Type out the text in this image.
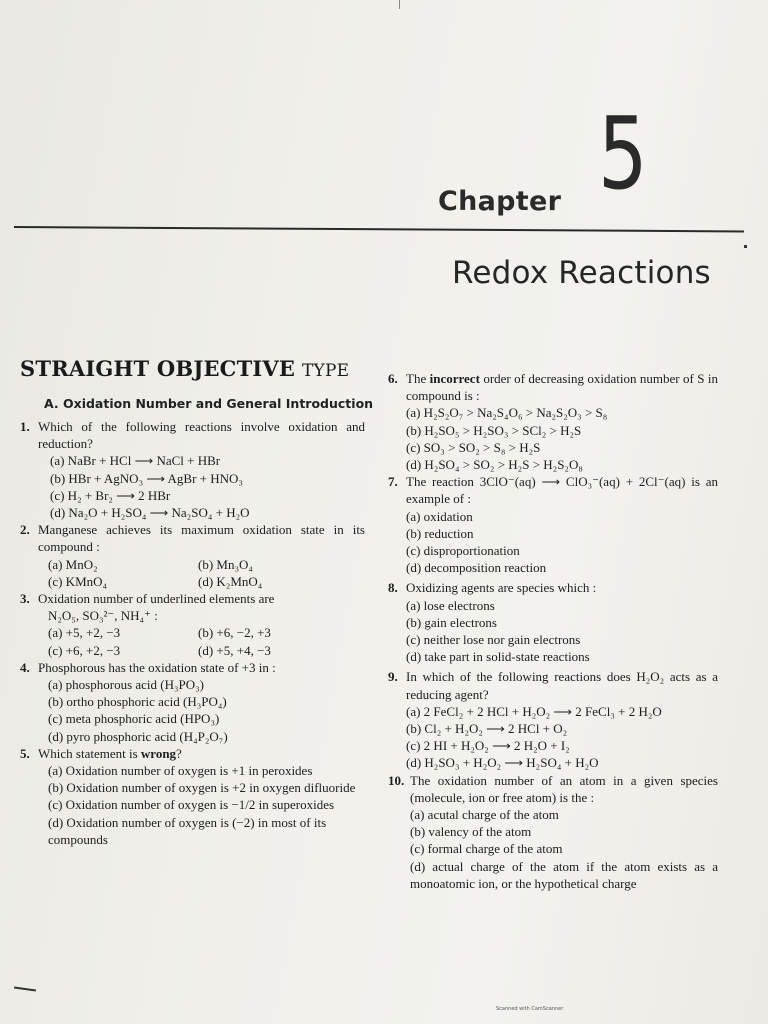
Chapter 5
Redox Reactions
STRAIGHT OBJECTIVE TYPE
A. Oxidation Number and General Introduction
1. Which of the following reactions involve oxidation and reduction?
(a) NaBr + HCl ⟶ NaCl + HBr
(b) HBr + AgNO₃ ⟶ AgBr + HNO₃
(c) H₂ + Br₂ ⟶ 2 HBr
(d) Na₂O + H₂SO₄ ⟶ Na₂SO₄ + H₂O
2. Manganese achieves its maximum oxidation state in its compound :
(a) MnO₂	(b) Mn₃O₄
(c) KMnO₄	(d) K₂MnO₄
3. Oxidation number of underlined elements are
N₂O₅, SO₃²⁻, NH₄⁺ :
(a) +5, +2, −3	(b) +6, −2, +3
(c) +6, +2, −3	(d) +5, +4, −3
4. Phosphorous has the oxidation state of +3 in :
(a) phosphorous acid (H₃PO₃)
(b) ortho phosphoric acid (H₃PO₄)
(c) meta phosphoric acid (HPO₃)
(d) pyro phosphoric acid (H₄P₂O₇)
5. Which statement is wrong?
(a) Oxidation number of oxygen is +1 in peroxides
(b) Oxidation number of oxygen is +2 in oxygen difluoride
(c) Oxidation number of oxygen is −1/2 in superoxides
(d) Oxidation number of oxygen is (−2) in most of its compounds
6. The incorrect order of decreasing oxidation number of S in compound is :
(a) H₂S₂O₇ > Na₂S₄O₆ > Na₂S₂O₃ > S₈
(b) H₂SO₅ > H₂SO₃ > SCl₂ > H₂S
(c) SO₃ > SO₂ > S₈ > H₂S
(d) H₂SO₄ > SO₂ > H₂S > H₂S₂O₈
7. The reaction 3ClO⁻(aq) ⟶ ClO₃⁻(aq) + 2Cl⁻(aq) is an example of :
(a) oxidation
(b) reduction
(c) disproportionation
(d) decomposition reaction
8. Oxidizing agents are species which :
(a) lose electrons
(b) gain electrons
(c) neither lose nor gain electrons
(d) take part in solid-state reactions
9. In which of the following reactions does H₂O₂ acts as a reducing agent?
(a) 2 FeCl₂ + 2 HCl + H₂O₂ ⟶ 2 FeCl₃ + 2 H₂O
(b) Cl₂ + H₂O₂ ⟶ 2 HCl + O₂
(c) 2 HI + H₂O₂ ⟶ 2 H₂O + I₂
(d) H₂SO₃ + H₂O₂ ⟶ H₂SO₄ + H₂O
10. The oxidation number of an atom in a given species (molecule, ion or free atom) is the :
(a) acutal charge of the atom
(b) valency of the atom
(c) formal charge of the atom
(d) actual charge of the atom if the atom exists as a monoatomic ion, or the hypothetical charge
Scanned with CamScanner
